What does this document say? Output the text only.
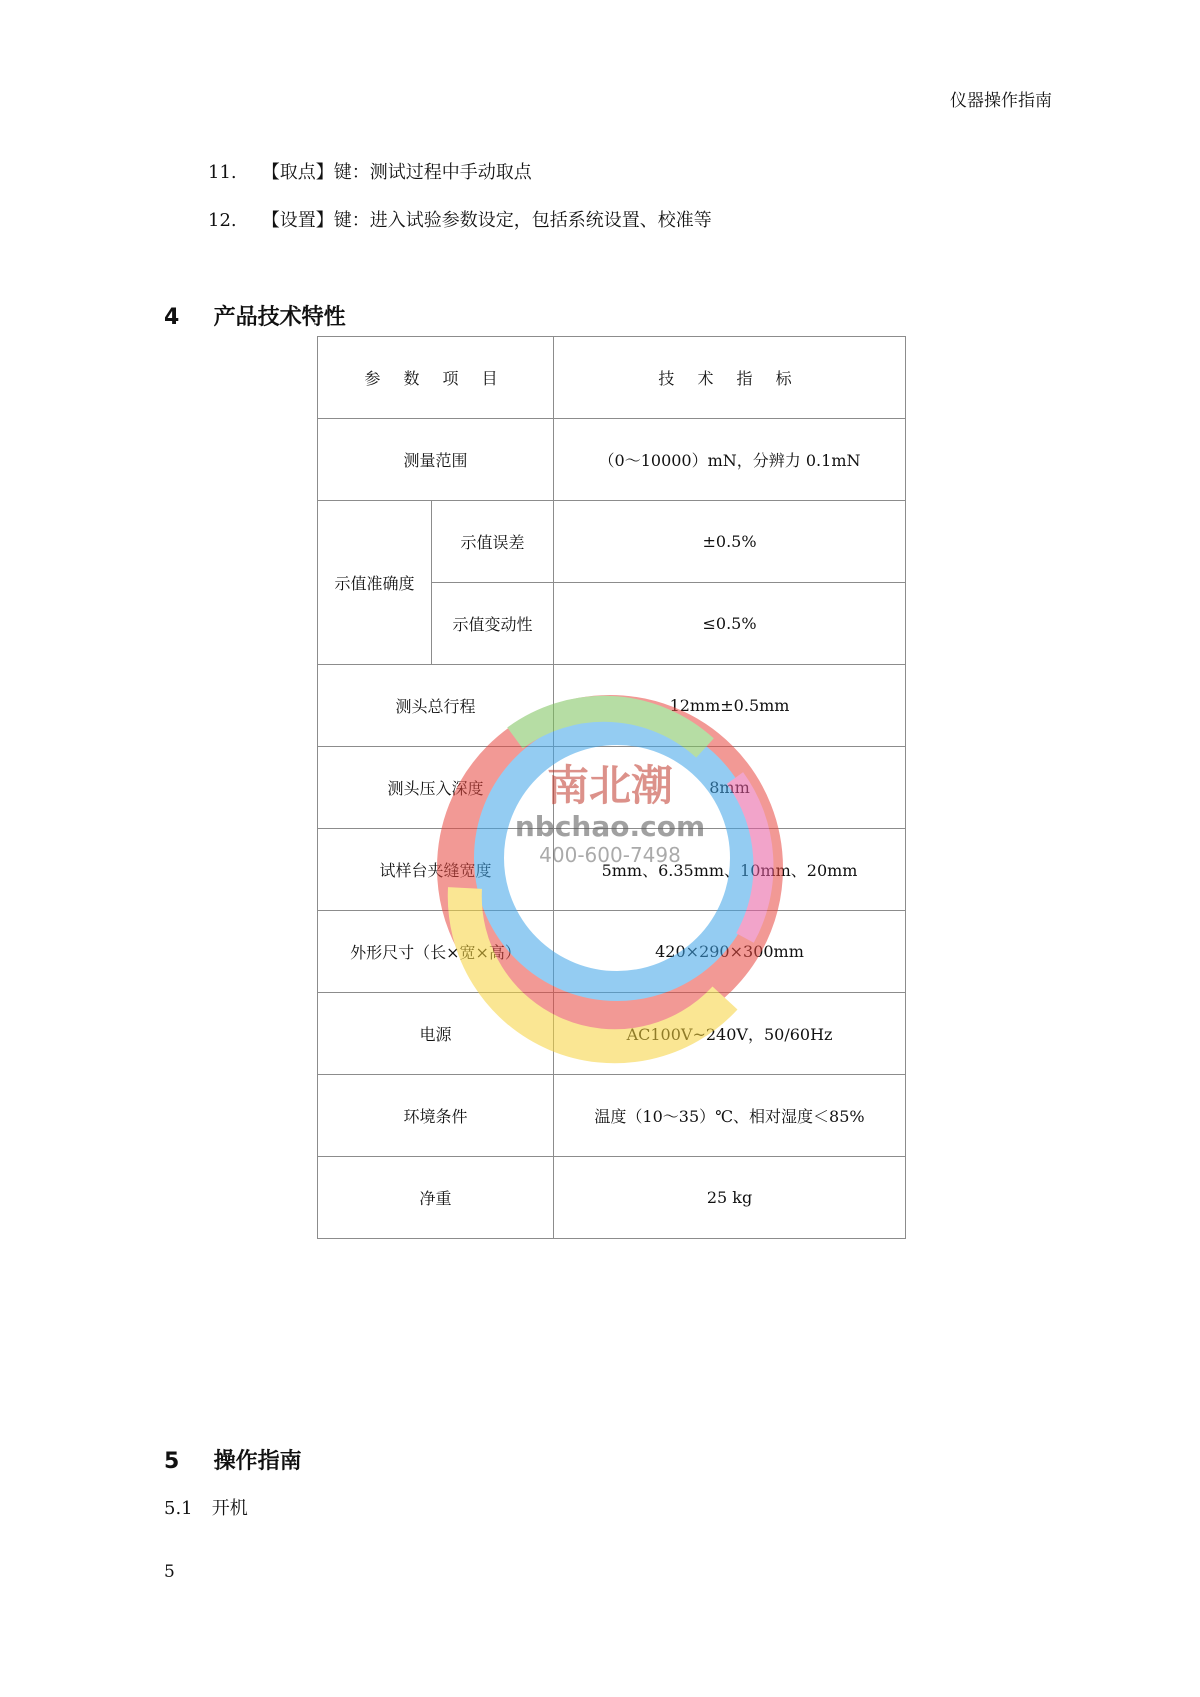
仪器操作指南
11. 【取点】键：测试过程中手动取点
12. 【设置】键：进入试验参数设定，包括系统设置、校准等
4 产品技术特性
参 数 项 目		技 术 指 标
测量范围		（0～10000）mN，分辨力 0.1mN
示值准确度	示值误差	±0.5%
	示值变动性	≤0.5%
测头总行程		12mm±0.5mm
测头压入深度		8mm
试样台夹缝宽度		5mm、6.35mm、10mm、20mm
外形尺寸（长×宽×高）		420×290×300mm
电源		AC100V~240V，50/60Hz
环境条件		温度（10～35）℃、相对湿度＜85%
净重		25 kg
南北潮
nbchao.com
400-600-7498
5 操作指南
5.1 开机
5
